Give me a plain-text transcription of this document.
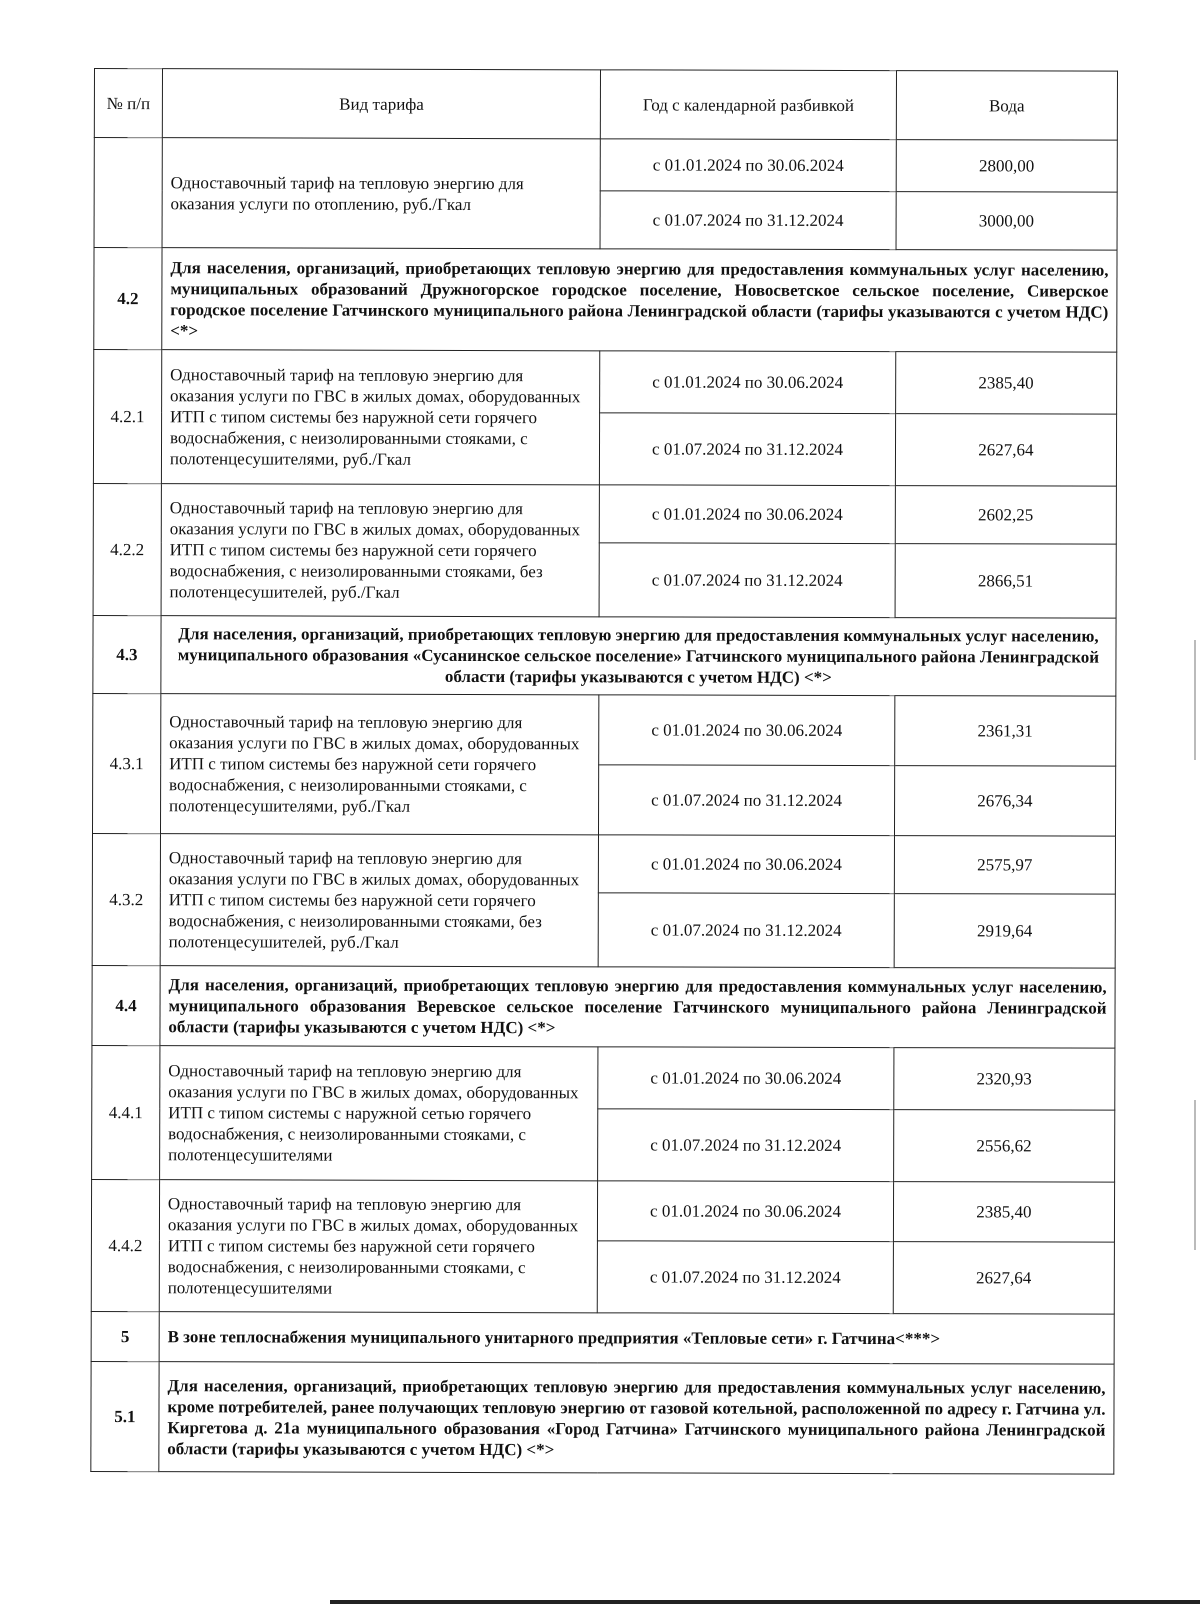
№ п/п	Вид тарифа	Год с календарной разбивкой	Вода
	Одноставочный тариф на тепловую энергию для оказания услуги по отоплению, руб./Гкал	с 01.01.2024 по 30.06.2024	2800,00
		с 01.07.2024 по 31.12.2024	3000,00
4.2	Для населения, организаций, приобретающих тепловую энергию для предоставления коммунальных услуг населению, муниципальных образований Дружногорское городское поселение, Новосветское сельское поселение, Сиверское городское поселение Гатчинского муниципального района Ленинградской области (тарифы указываются с учетом НДС) <*>		
4.2.1	Одноставочный тариф на тепловую энергию для оказания услуги по ГВС в жилых домах, оборудованных ИТП с типом системы без наружной сети горячего водоснабжения, с неизолированными стояками, с полотенцесушителями, руб./Гкал	с 01.01.2024 по 30.06.2024	2385,40
		с 01.07.2024 по 31.12.2024	2627,64
4.2.2	Одноставочный тариф на тепловую энергию для оказания услуги по ГВС в жилых домах, оборудованных ИТП с типом системы без наружной сети горячего водоснабжения, с неизолированными стояками, без полотенцесушителей, руб./Гкал	с 01.01.2024 по 30.06.2024	2602,25
		с 01.07.2024 по 31.12.2024	2866,51
4.3	Для населения, организаций, приобретающих тепловую энергию для предоставления коммунальных услуг населению, муниципального образования «Сусанинское сельское поселение» Гатчинского муниципального района Ленинградской области (тарифы указываются с учетом НДС) <*>		
4.3.1	Одноставочный тариф на тепловую энергию для оказания услуги по ГВС в жилых домах, оборудованных ИТП с типом системы без наружной сети горячего водоснабжения, с неизолированными стояками, с полотенцесушителями, руб./Гкал	с 01.01.2024 по 30.06.2024	2361,31
		с 01.07.2024 по 31.12.2024	2676,34
4.3.2	Одноставочный тариф на тепловую энергию для оказания услуги по ГВС в жилых домах, оборудованных ИТП с типом системы без наружной сети горячего водоснабжения, с неизолированными стояками, без полотенцесушителей, руб./Гкал	с 01.01.2024 по 30.06.2024	2575,97
		с 01.07.2024 по 31.12.2024	2919,64
4.4	Для населения, организаций, приобретающих тепловую энергию для предоставления коммунальных услуг населению, муниципального образования Веревское сельское поселение Гатчинского муниципального района Ленинградской области (тарифы указываются с учетом НДС) <*>		
4.4.1	Одноставочный тариф на тепловую энергию для оказания услуги по ГВС в жилых домах, оборудованных ИТП с типом системы с наружной сетью горячего водоснабжения, с неизолированными стояками, с полотенцесушителями	с 01.01.2024 по 30.06.2024	2320,93
		с 01.07.2024 по 31.12.2024	2556,62
4.4.2	Одноставочный тариф на тепловую энергию для оказания услуги по ГВС в жилых домах, оборудованных ИТП с типом системы без наружной сети горячего водоснабжения, с неизолированными стояками, с полотенцесушителями	с 01.01.2024 по 30.06.2024	2385,40
		с 01.07.2024 по 31.12.2024	2627,64
5	В зоне теплоснабжения муниципального унитарного предприятия «Тепловые сети» г. Гатчина<***>		
5.1	Для населения, организаций, приобретающих тепловую энергию для предоставления коммунальных услуг населению, кроме потребителей, ранее получающих тепловую энергию от газовой котельной, расположенной по адресу г. Гатчина ул. Киргетова д. 21а муниципального образования «Город Гатчина» Гатчинского муниципального района Ленинградской области (тарифы указываются с учетом НДС) <*>		
